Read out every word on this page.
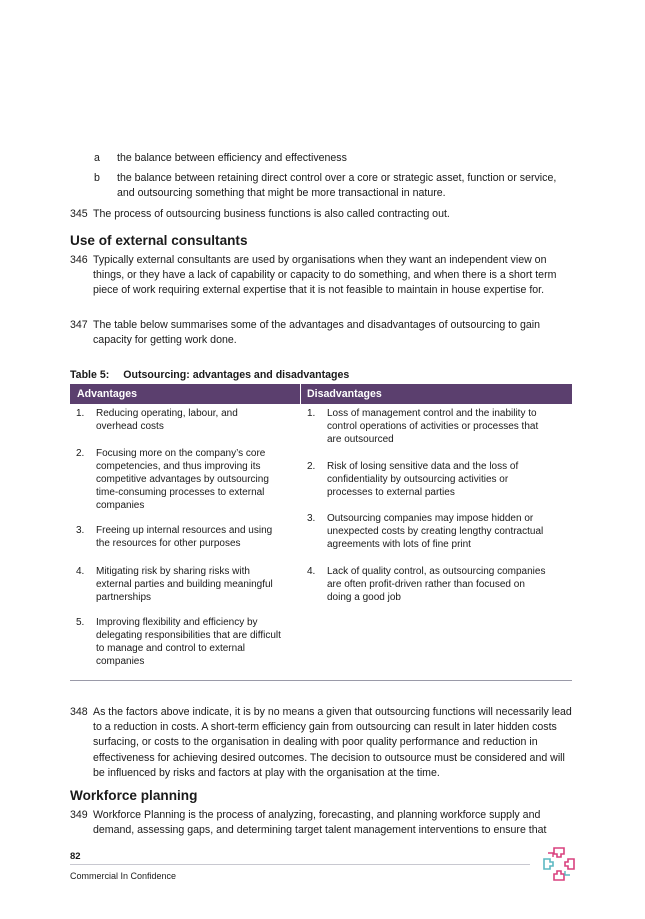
a the balance between efficiency and effectiveness
b the balance between retaining direct control over a core or strategic asset, function or service, and outsourcing something that might be more transactional in nature.
345 The process of outsourcing business functions is also called contracting out.
Use of external consultants
346 Typically external consultants are used by organisations when they want an independent view on things, or they have a lack of capability or capacity to do something, and when there is a short term piece of work requiring external expertise that it is not feasible to maintain in house expertise for.
347 The table below summarises some of the advantages and disadvantages of outsourcing to gain capacity for getting work done.
Table 5: Outsourcing: advantages and disadvantages
Advantages	Disadvantages
1. Reducing operating, labour, and overhead costs
2. Focusing more on the company’s core competencies, and thus improving its competitive advantages by outsourcing time-consuming processes to external companies
3. Freeing up internal resources and using the resources for other purposes
4. Mitigating risk by sharing risks with external parties and building meaningful partnerships
5. Improving flexibility and efficiency by delegating responsibilities that are difficult to manage and control to external companies
1. Loss of management control and the inability to control operations of activities or processes that are outsourced
2. Risk of losing sensitive data and the loss of confidentiality by outsourcing activities or processes to external parties
3. Outsourcing companies may impose hidden or unexpected costs by creating lengthy contractual agreements with lots of fine print
4. Lack of quality control, as outsourcing companies are often profit-driven rather than focused on doing a good job
348 As the factors above indicate, it is by no means a given that outsourcing functions will necessarily lead to a reduction in costs. A short-term efficiency gain from outsourcing can result in later hidden costs surfacing, or costs to the organisation in dealing with poor quality performance and reduction in effectiveness for achieving desired outcomes. The decision to outsource must be considered and will be influenced by risks and factors at play with the organisation at the time.
Workforce planning
349 Workforce Planning is the process of analyzing, forecasting, and planning workforce supply and demand, assessing gaps, and determining target talent management interventions to ensure that
82
Commercial In Confidence
